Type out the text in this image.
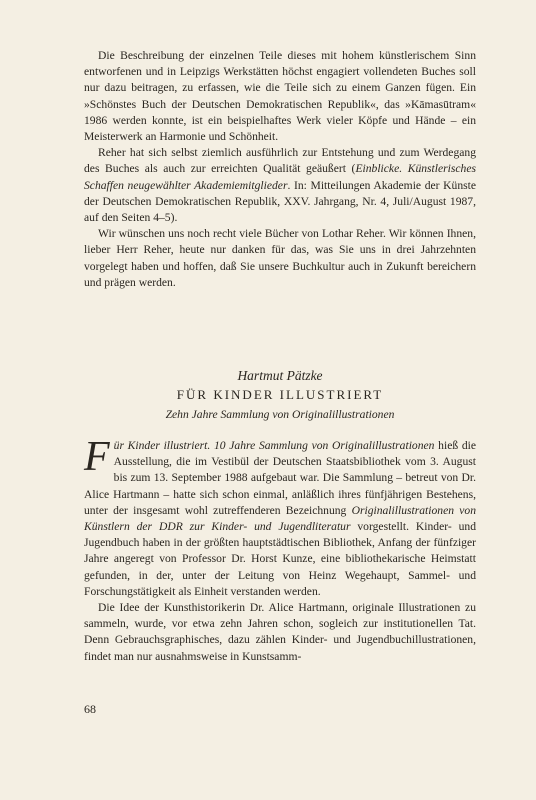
Die Beschreibung der einzelnen Teile dieses mit hohem künstlerischem Sinn entworfenen und in Leipzigs Werkstätten höchst engagiert vollendeten Buches soll nur dazu beitragen, zu erfassen, wie die Teile sich zu einem Ganzen fügen. Ein »Schönstes Buch der Deutschen Demokratischen Republik«, das »Kāmasūtram« 1986 werden konnte, ist ein beispielhaftes Werk vieler Köpfe und Hände – ein Meisterwerk an Harmonie und Schönheit.

Reher hat sich selbst ziemlich ausführlich zur Entstehung und zum Werdegang des Buches als auch zur erreichten Qualität geäußert (Einblicke. Künstlerisches Schaffen neugewählter Akademiemitglieder. In: Mitteilungen Akademie der Künste der Deutschen Demokratischen Republik, XXV. Jahrgang, Nr. 4, Juli/August 1987, auf den Seiten 4–5).

Wir wünschen uns noch recht viele Bücher von Lothar Reher. Wir können Ihnen, lieber Herr Reher, heute nur danken für das, was Sie uns in drei Jahrzehnten vorgelegt haben und hoffen, daß Sie unsere Buchkultur auch in Zukunft bereichern und prägen werden.

Hartmut Pätzke
FÜR KINDER ILLUSTRIERT
Zehn Jahre Sammlung von Originalillustrationen

Für Kinder illustriert. 10 Jahre Sammlung von Originalillustrationen hieß die Ausstellung, die im Vestibül der Deutschen Staatsbibliothek vom 3. August bis zum 13. September 1988 aufgebaut war. Die Sammlung – betreut von Dr. Alice Hartmann – hatte sich schon einmal, anläßlich ihres fünfjährigen Bestehens, unter der insgesamt wohl zutreffenderen Bezeichnung Originalillustrationen von Künstlern der DDR zur Kinder- und Jugendliteratur vorgestellt. Kinder- und Jugendbuch haben in der größten hauptstädtischen Bibliothek, Anfang der fünfziger Jahre angeregt von Professor Dr. Horst Kunze, eine bibliothekarische Heimstatt gefunden, in der, unter der Leitung von Heinz Wegehaupt, Sammel- und Forschungstätigkeit als Einheit verstanden werden.

Die Idee der Kunsthistorikerin Dr. Alice Hartmann, originale Illustrationen zu sammeln, wurde, vor etwa zehn Jahren schon, sogleich zur institutionellen Tat. Denn Gebrauchsgraphisches, dazu zählen Kinder- und Jugendbuchillustrationen, findet man nur ausnahmsweise in Kunstsamm-

68
